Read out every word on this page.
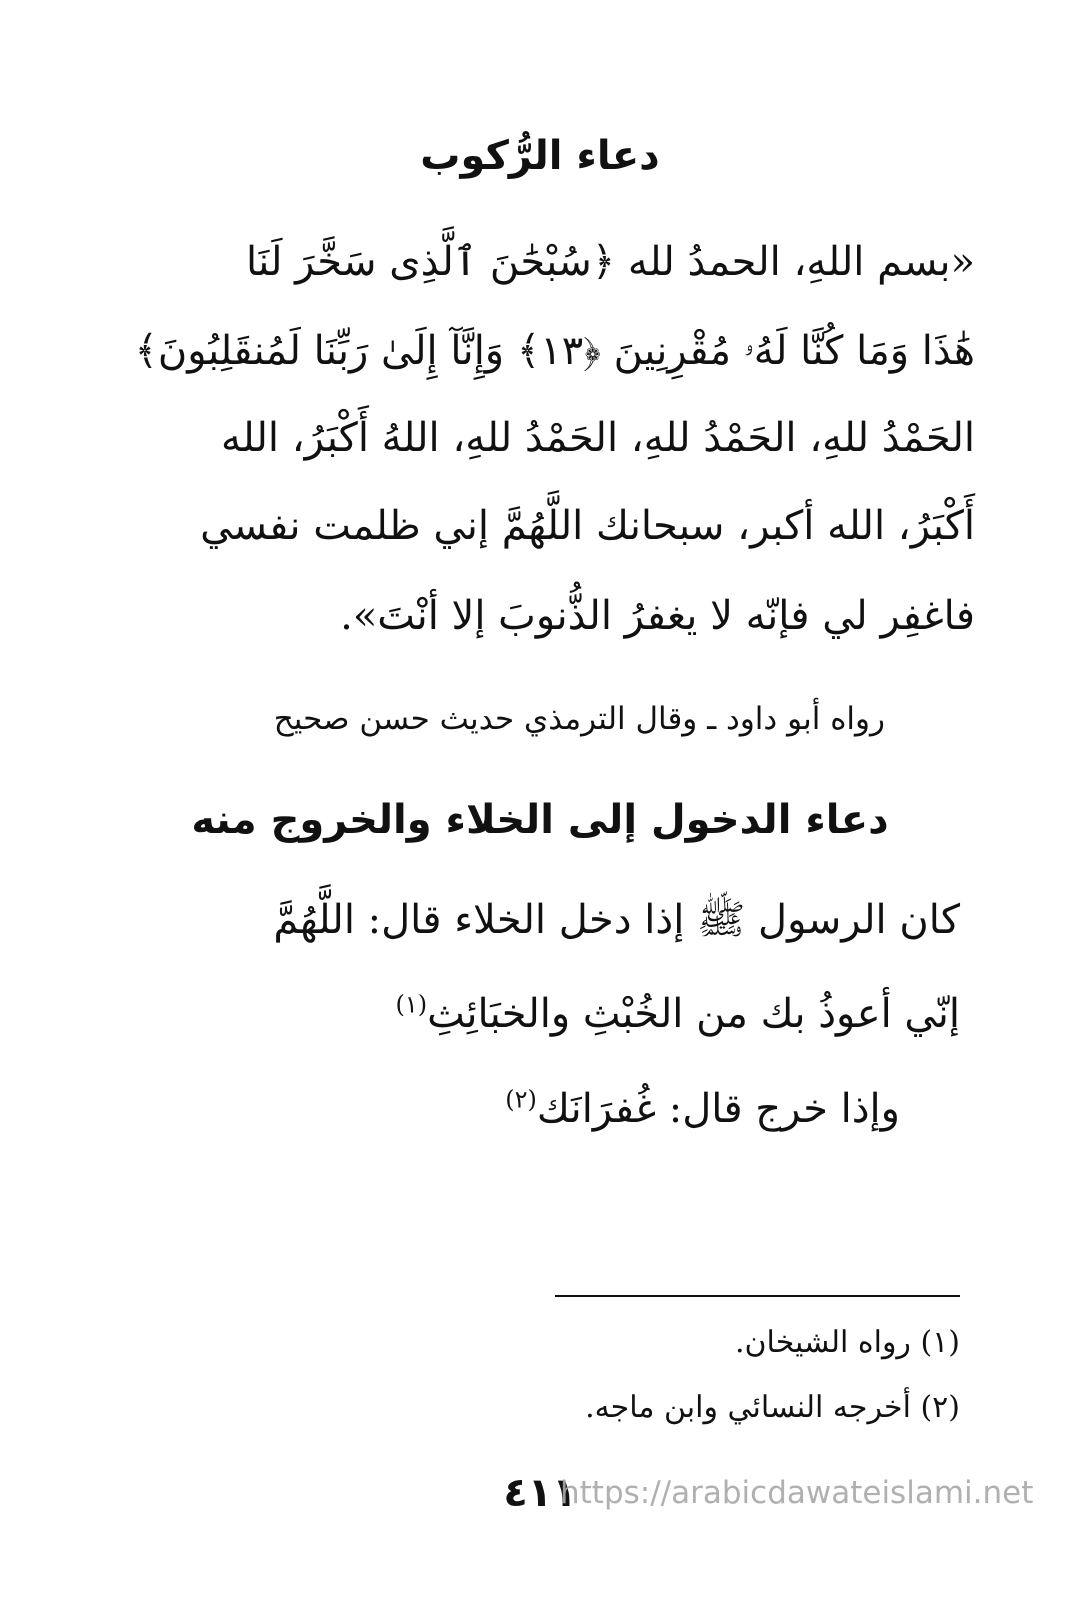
دعاء الرُّكوب
«بسم اللهِ، الحمدُ لله ﴿سُبْحَٰنَ ٱلَّذِى سَخَّرَ لَنَا
هَٰذَا وَمَا كُنَّا لَهُۥ مُقْرِنِينَ ﴿١٣﴾ وَإِنَّآ إِلَىٰ رَبِّنَا لَمُنقَلِبُونَ﴾
الحَمْدُ للهِ، الحَمْدُ للهِ، الحَمْدُ للهِ، اللهُ أَكْبَرُ، الله
أَكْبَرُ، الله أكبر، سبحانك اللَّهُمَّ إني ظلمت نفسي
فاغفِر لي فإنّه لا يغفرُ الذُّنوبَ إلا أنْتَ».
رواه أبو داود ـ وقال الترمذي حديث حسن صحيح
دعاء الدخول إلى الخلاء والخروج منه
كان الرسول ﷺ إذا دخل الخلاء قال: اللَّهُمَّ
إنّي أعوذُ بك من الخُبْثِ والخبَائِثِ$^{(١)}$
وإذا خرج قال: غُفرَانَك$^{(٢)}$
(١) رواه الشيخان.
(٢) أخرجه النسائي وابن ماجه.
٤١١
https://arabicdawateislami.net
